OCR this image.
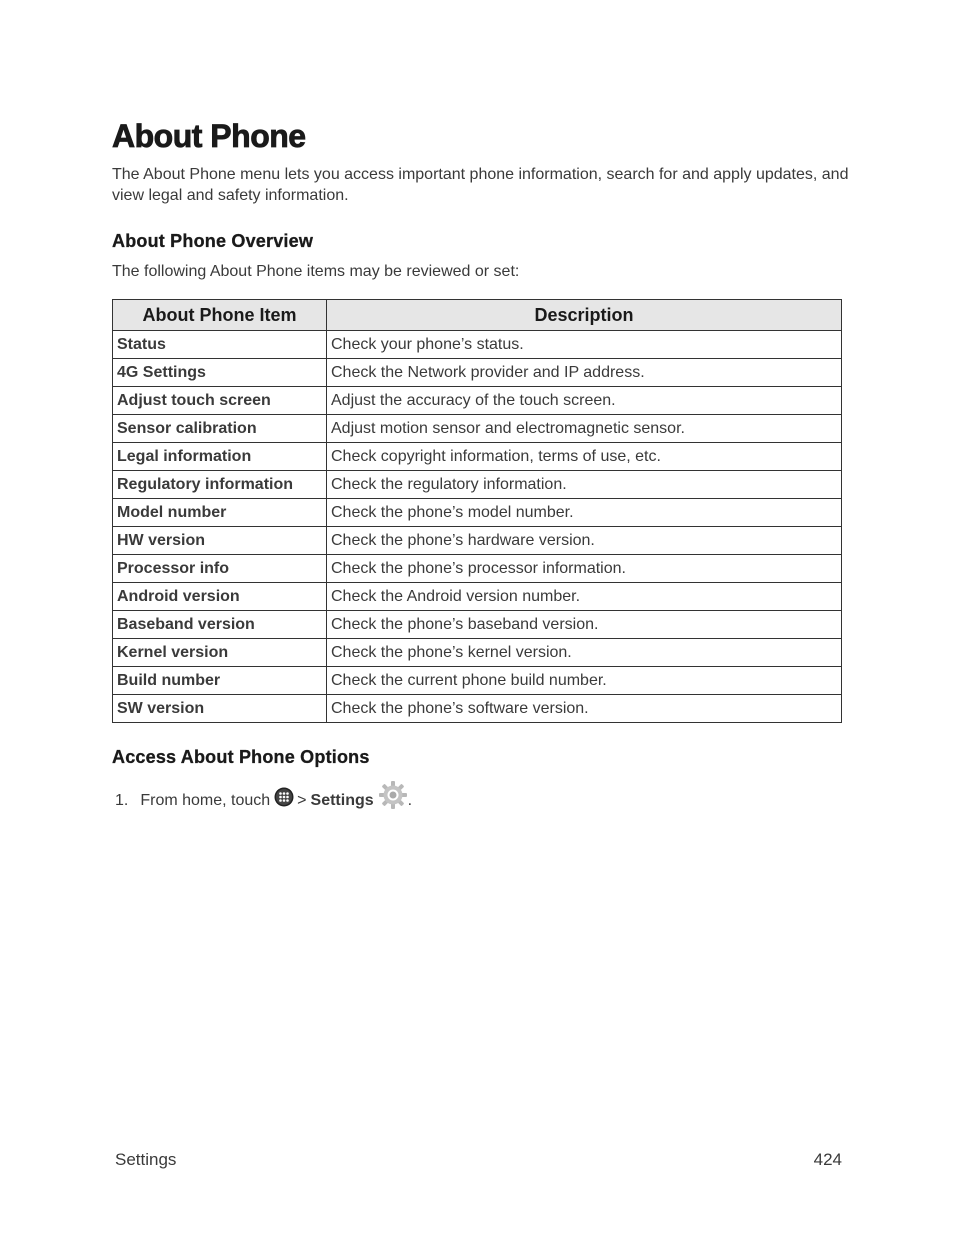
About Phone

The About Phone menu lets you access important phone information, search for and apply updates, and view legal and safety information.

About Phone Overview

The following About Phone items may be reviewed or set:

About Phone Item	Description
Status	Check your phone’s status.
4G Settings	Check the Network provider and IP address.
Adjust touch screen	Adjust the accuracy of the touch screen.
Sensor calibration	Adjust motion sensor and electromagnetic sensor.
Legal information	Check copyright information, terms of use, etc.
Regulatory information	Check the regulatory information.
Model number	Check the phone’s model number.
HW version	Check the phone’s hardware version.
Processor info	Check the phone’s processor information.
Android version	Check the Android version number.
Baseband version	Check the phone’s baseband version.
Kernel version	Check the phone’s kernel version.
Build number	Check the current phone build number.
SW version	Check the phone’s software version.
Access About Phone Options
1. From home, touch > Settings .
Settings	424
